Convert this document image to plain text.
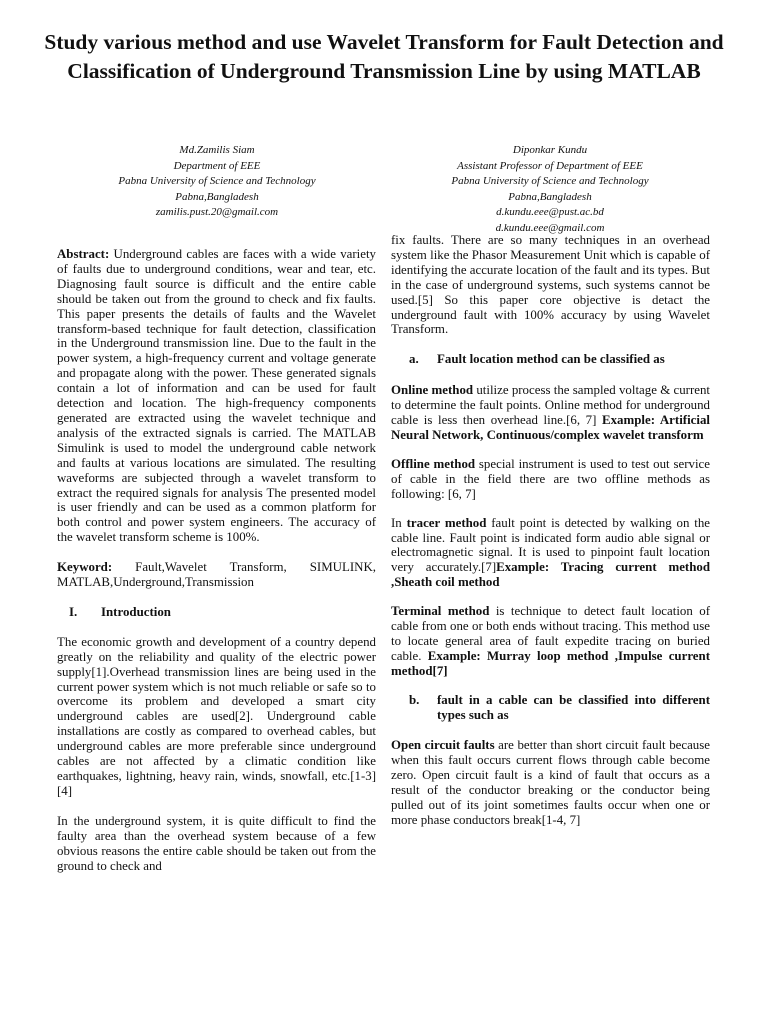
Study various method and use Wavelet Transform for Fault Detection and Classification of Underground Transmission Line by using MATLAB
Md.Zamilis Siam
Department of EEE
Pabna University of Science and Technology
Pabna,Bangladesh
zamilis.pust.20@gmail.com
Diponkar Kundu
Assistant Professor of Department of EEE
Pabna University of Science and Technology
Pabna,Bangladesh
d.kundu.eee@pust.ac.bd
d.kundu.eee@gmail.com

Abstract: Underground cables are faces with a wide variety of faults due to underground conditions, wear and tear, etc. Diagnosing fault source is difficult and the entire cable should be taken out from the ground to check and fix faults. This paper presents the details of faults and the Wavelet transform-based technique for fault detection, classification in the Underground transmission line. Due to the fault in the power system, a high-frequency current and voltage generate and propagate along with the power. These generated signals contain a lot of information and can be used for fault detection and location. The high-frequency components generated are extracted using the wavelet technique and analysis of the extracted signals is carried. The MATLAB Simulink is used to model the underground cable network and faults at various locations are simulated. The resulting waveforms are subjected through a wavelet transform to extract the required signals for analysis The presented model is user friendly and can be used as a common platform for both control and power system engineers. The accuracy of the wavelet transform scheme is 100%.

Keyword: Fault,Wavelet Transform, SIMULINK, MATLAB,Underground,Transmission

I. Introduction

The economic growth and development of a country depend greatly on the reliability and quality of the electric power supply[1].Overhead transmission lines are being used in the current power system which is not much reliable or safe so to overcome its problem and developed a smart city underground cables are used[2]. Underground cable installations are costly as compared to overhead cables, but underground cables are more preferable since underground cables are not affected by a climatic condition like earthquakes, lightning, heavy rain, winds, snowfall, etc.[1-3] [4]

In the underground system, it is quite difficult to find the faulty area than the overhead system because of a few obvious reasons the entire cable should be taken out from the ground to check and

fix faults. There are so many techniques in an overhead system like the Phasor Measurement Unit which is capable of identifying the accurate location of the fault and its types. But in the case of underground systems, such systems cannot be used.[5] So this paper core objective is detact the underground fault with 100% accuracy by using Wavelet Transform.

a.	Fault location method can be classified as

Online method utilize process the sampled voltage & current to determine the fault points. Online method for underground cable is less then overhead line.[6, 7] Example: Artificial Neural Network, Continuous/complex wavelet transform

Offline method special instrument is used to test out service of cable in the field there are two offline methods as following: [6, 7]

In tracer method fault point is detected by walking on the cable line. Fault point is indicated form audio able signal or electromagnetic signal. It is used to pinpoint fault location very accurately.[7]Example: Tracing current method ,Sheath coil method

Terminal method is technique to detect fault location of cable from one or both ends without tracing. This method use to locate general area of fault expedite tracing on buried cable. Example: Murray loop method ,Impulse current method[7]

b.	fault in a cable can be classified into different types such as

Open circuit faults are better than short circuit fault because when this fault occurs current flows through cable become zero. Open circuit fault is a kind of fault that occurs as a result of the conductor breaking or the conductor being pulled out of its joint sometimes faults occur when one or more phase conductors break[1-4, 7]
